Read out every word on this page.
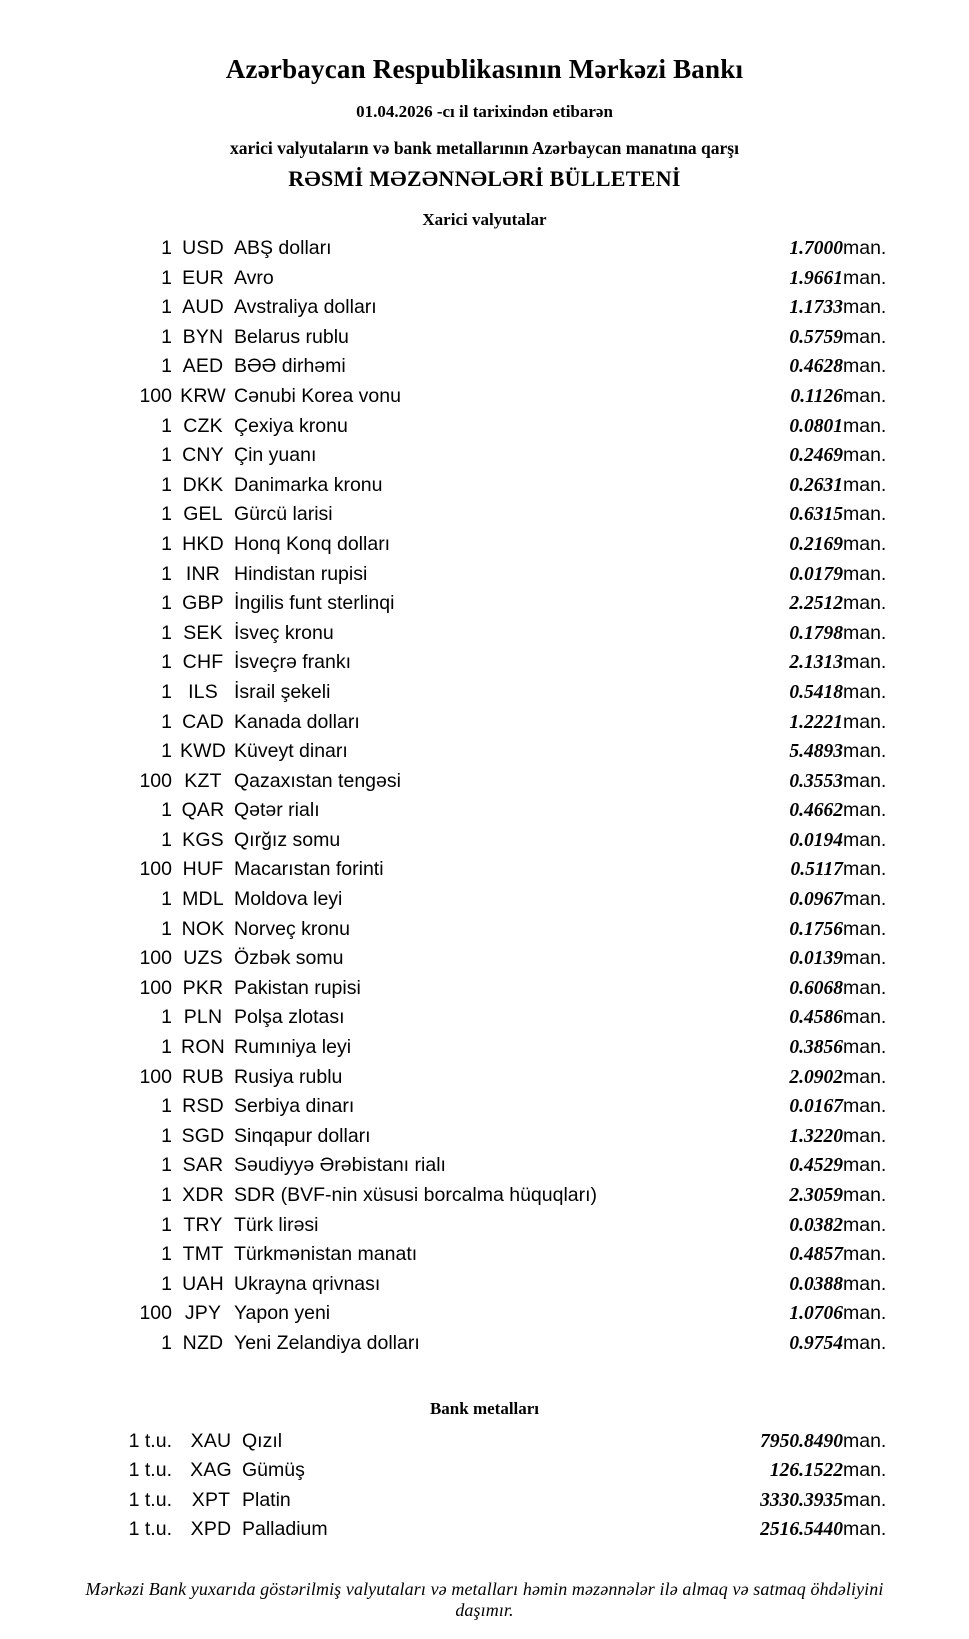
Azərbaycan Respublikasının Mərkəzi Bankı
01.04.2026 -cı il tarixindən etibarən
xarici valyutaların və bank metallarının Azərbaycan manatına qarşı
RƏSMİ MƏZƏNNƏLƏRİ BÜLLETENİ
Xarici valyutalar
1	USD	ABŞ dolları	1.7000	man.
1	EUR	Avro	1.9661	man.
1	AUD	Avstraliya dolları	1.1733	man.
1	BYN	Belarus rublu	0.5759	man.
1	AED	BƏƏ dirhəmi	0.4628	man.
100	KRW	Cənubi Korea vonu	0.1126	man.
1	CZK	Çexiya kronu	0.0801	man.
1	CNY	Çin yuanı	0.2469	man.
1	DKK	Danimarka kronu	0.2631	man.
1	GEL	Gürcü larisi	0.6315	man.
1	HKD	Honq Konq dolları	0.2169	man.
1	INR	Hindistan rupisi	0.0179	man.
1	GBP	İngilis funt sterlinqi	2.2512	man.
1	SEK	İsveç kronu	0.1798	man.
1	CHF	İsveçrə frankı	2.1313	man.
1	ILS	İsrail şekeli	0.5418	man.
1	CAD	Kanada dolları	1.2221	man.
1	KWD	Küveyt dinarı	5.4893	man.
100	KZT	Qazaxıstan tengəsi	0.3553	man.
1	QAR	Qətər rialı	0.4662	man.
1	KGS	Qırğız somu	0.0194	man.
100	HUF	Macarıstan forinti	0.5117	man.
1	MDL	Moldova leyi	0.0967	man.
1	NOK	Norveç kronu	0.1756	man.
100	UZS	Özbək somu	0.0139	man.
100	PKR	Pakistan rupisi	0.6068	man.
1	PLN	Polşa zlotası	0.4586	man.
1	RON	Rumıniya leyi	0.3856	man.
100	RUB	Rusiya rublu	2.0902	man.
1	RSD	Serbiya dinarı	0.0167	man.
1	SGD	Sinqapur dolları	1.3220	man.
1	SAR	Səudiyyə Ərəbistanı rialı	0.4529	man.
1	XDR	SDR (BVF-nin xüsusi borcalma hüquqları)	2.3059	man.
1	TRY	Türk lirəsi	0.0382	man.
1	TMT	Türkmənistan manatı	0.4857	man.
1	UAH	Ukrayna qrivnası	0.0388	man.
100	JPY	Yapon yeni	1.0706	man.
1	NZD	Yeni Zelandiya dolları	0.9754	man.
Bank metalları
1 t.u.	XAU	Qızıl	7950.8490	man.
1 t.u.	XAG	Gümüş	126.1522	man.
1 t.u.	XPT	Platin	3330.3935	man.
1 t.u.	XPD	Palladium	2516.5440	man.
Mərkəzi Bank yuxarıda göstərilmiş valyutaları və metalları həmin məzənnələr ilə almaq və satmaq öhdəliyini daşımır.
